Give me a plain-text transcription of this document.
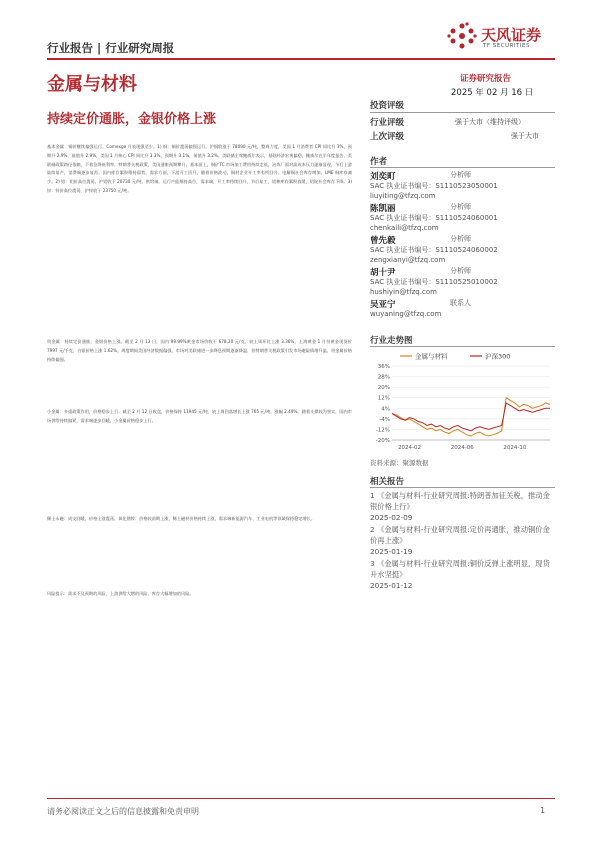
行业报告 | 行业研究周报
天风证券
TF SECURITIES
金属与材料
持续定价通胀，金银价格上涨
证券研究报告
2025 年 02 月 16 日
投资评级
行业评级	强于大市（维持评级）
上次评级	强于大市
作者
刘奕町	分析师
SAC 执业证书编号：S1110523050001
liuyiting@tfzq.com
陈凯丽	分析师
SAC 执业证书编号：S1110524060001
chenkaili@tfzq.com
曾先毅	分析师
SAC 执业证书编号：S1110524060002
zengxianyi@tfzq.com
胡十尹	分析师
SAC 执业证书编号：S1110525010002
hushiyin@tfzq.com
吴亚宁	联系人
wuyaning@tfzq.com
行业走势图
金属与材料	沪深300
36%
28%
20%
12%
4%
-4%
-12%
-20%
2024-02	2024-06	2024-10
资料来源：聚源数据
相关报告
1 《金属与材料-行业研究周报:特朗普加征关税，推动金银价格上行》
2025-02-09
2 《金属与材料-行业研究周报:定价再通胀，推动铜价金价再上涨》
2025-01-19
3 《金属与材料-行业研究周报:铜价反弹上涨明显，现货升水坚挺》
2025-01-12
基本金属：铜价继续偏强运行。Comexge 月表现强至少。1) 铜：铜价震荡偏强运行，沪铜收涨于 78090 元/吨，整周力度，美国 1 月消费者 CPI 同比升 3%，预期升 2.9%，前值升 2.9%，美国 1 月核心 CPI 同比升 3.3%，预期升 3.1%，前值升 3.2%。美联储主席鲍威尔表示，基础经济宏观偏稳，鲍威尔在半年度报告，美联储政策路径依赖，不着急降低利率，特朗普关税政策，美国通胀预期攀升。基本面上，铜矿TC 市场加工费用持续走低，冶炼厂面对高成本压力逐渐显现，节后上游陆续复产，消费端逐步复苏，国内库存累积维持弱势，需求方面，下游开工回升，随着价格波动，铜材企业开工率有所回升。电解铜社会库存增加，LME 铜库存减少。2) 铝：铝价高位震荡，沪铝收于 20730 元/吨。供给端，运行产能维持高位，需求端，开工率持续回升，节后复工，铝棒库存累积放缓，铝锭社会库存下降。3) 锌：锌价高位震荡，沪锌收于 23750 元/吨。
贵金属：持续定价通胀，金银价格上涨。截至 2 月 13 日，国内 99.99%黄金市场价收于 678.20 元/克，较上周环比上涨 3.36%。上海黄金 1 月份黄金现货价 7997 元/千克，白银价格上涨 1.62%。周度期间美国经济数据偏强，市场对美联储进一步降息预期逐渐降温，但特朗普关税政策引发市场避险情绪升温，贵金属价格持续偏强。
小金属：多重政策作用，价格稳步上行。截至 2 月 12 日收盘，价格保持 11945 元/吨，较上周回落增长上涨 765 元/吨，涨幅 2.49%。随着支撑较为坚实，国内市场供给持续偏紧，需求端逐步回暖，小金属价格稳步上行。
稀土永磁：成交回暖，价格上涨震荡。氧化镨钕：价格较前期上涨，稀土磁材价格持续上涨，需求端新能源汽车、工业电机等领域保持稳定增长。
风险提示：需求不及预期的风险、上游供给大增的风险、库存大幅增加的风险。
请务必阅读正文之后的信息披露和免责申明	1
